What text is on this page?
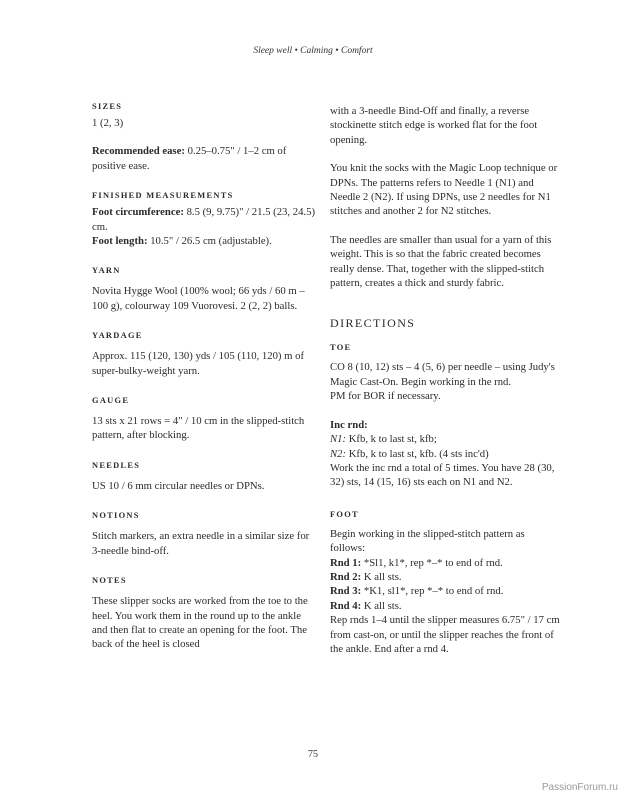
Sleep well • Calming • Comfort
SIZES

1 (2, 3)

Recommended ease: 0.25–0.75" / 1–2 cm of positive ease.

FINISHED MEASUREMENTS

Foot circumference: 8.5 (9, 9.75)" / 21.5 (23, 24.5) cm.

Foot length: 10.5" / 26.5 cm (adjustable).

YARN

Novita Hygge Wool (100% wool; 66 yds / 60 m – 100 g), colourway 109 Vuorovesi. 2 (2, 2) balls.

YARDAGE

Approx. 115 (120, 130) yds / 105 (110, 120) m of super-bulky-weight yarn.

GAUGE

13 sts x 21 rows = 4" / 10 cm in the slipped-stitch pattern, after blocking.

NEEDLES

US 10 / 6 mm circular needles or DPNs.

NOTIONS

Stitch markers, an extra needle in a similar size for 3-needle bind-off.

NOTES

These slipper socks are worked from the toe to the heel. You work them in the round up to the ankle and then flat to create an opening for the foot. The back of the heel is closed

with a 3-needle Bind-Off and finally, a reverse stockinette stitch edge is worked flat for the foot opening.

You knit the socks with the Magic Loop technique or DPNs. The patterns refers to Needle 1 (N1) and Needle 2 (N2). If using DPNs, use 2 needles for N1 stitches and another 2 for N2 stitches.

The needles are smaller than usual for a yarn of this weight. This is so that the fabric created becomes really dense. That, together with the slipped-stitch pattern, creates a thick and sturdy fabric.

DIRECTIONS
TOE

CO 8 (10, 12) sts – 4 (5, 6) per needle – using Judy's Magic Cast-On. Begin working in the rnd.

PM for BOR if necessary.

Inc rnd:

N1: Kfb, k to last st, kfb;

N2: Kfb, k to last st, kfb. (4 sts inc'd)

Work the inc rnd a total of 5 times. You have 28 (30, 32) sts, 14 (15, 16) sts each on N1 and N2.

FOOT

Begin working in the slipped-stitch pattern as follows:

Rnd 1: *Sl1, k1*, rep *–* to end of rnd.

Rnd 2: K all sts.

Rnd 3: *K1, sl1*, rep *–* to end of rnd.

Rnd 4: K all sts.

Rep rnds 1–4 until the slipper measures 6.75" / 17 cm from cast-on, or until the slipper reaches the front of the ankle. End after a rnd 4.

75
PassionForum.ru
